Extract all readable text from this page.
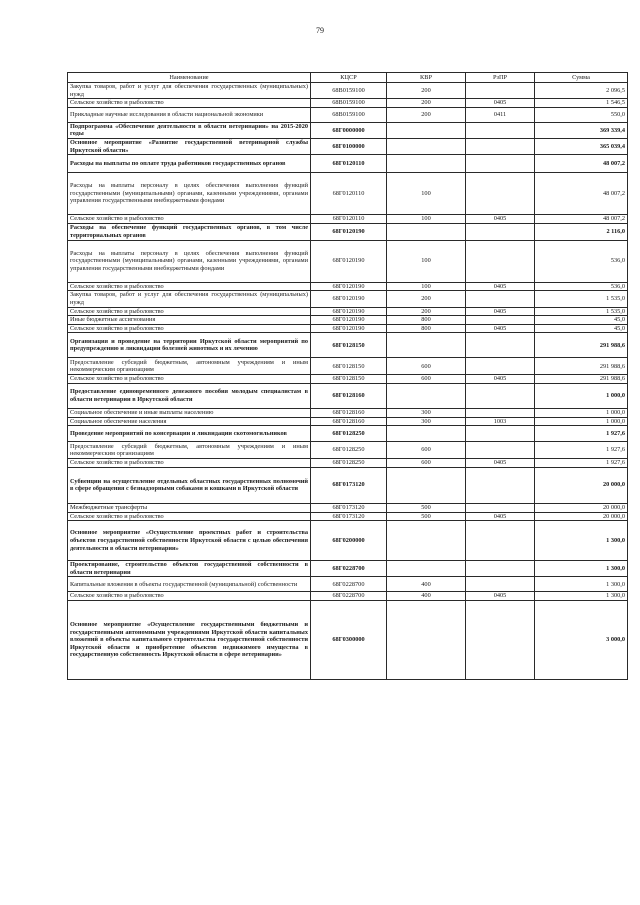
79
Наименование	КЦСР	КВР	РзПР	Сумма
Закупка товаров, работ и услуг для обеспечения государственных (муниципальных) нужд	68В0159100	200		2 096,5
Сельское хозяйство и рыболовство	68В0159100	200	0405	1 546,5
Прикладные научные исследования в области национальной экономики	68В0159100	200	0411	550,0
Подпрограмма «Обеспечение деятельности в области ветеринарии» на 2015-2020 годы	68Г0000000			369 339,4
Основное мероприятие «Развитие государственной ветеринарной службы Иркутской области»	68Г0100000			365 039,4
Расходы на выплаты по оплате труда работников государственных органов	68Г0120110			48 007,2
Расходы на выплаты персоналу в целях обеспечения выполнения функций государственными (муниципальными) органами, казенными учреждениями, органами управления государственными внебюджетными фондами	68Г0120110	100		48 007,2
Сельское хозяйство и рыболовство	68Г0120110	100	0405	48 007,2
Расходы на обеспечение функций государственных органов, в том числе территориальных органов	68Г0120190			2 116,0
Расходы на выплаты персоналу в целях обеспечения выполнения функций государственными (муниципальными) органами, казенными учреждениями, органами управления государственными внебюджетными фондами	68Г0120190	100		536,0
Сельское хозяйство и рыболовство	68Г0120190	100	0405	536,0
Закупка товаров, работ и услуг для обеспечения государственных (муниципальных) нужд	68Г0120190	200		1 535,0
Сельское хозяйство и рыболовство	68Г0120190	200	0405	1 535,0
Иные бюджетные ассигнования	68Г0120190	800		45,0
Сельское хозяйство и рыболовство	68Г0120190	800	0405	45,0
Организация и проведение на территории Иркутской области мероприятий по предупреждению и ликвидации болезней животных и их лечению	68Г0128150			291 988,6
Предоставление субсидий бюджетным, автономным учреждениям и иным некоммерческим организациям	68Г0128150	600		291 988,6
Сельское хозяйство и рыболовство	68Г0128150	600	0405	291 988,6
Предоставление единовременного денежного пособия молодым специалистам в области ветеринарии в Иркутской области	68Г0128160			1 000,0
Социальное обеспечение и иные выплаты населению	68Г0128160	300		1 000,0
Социальное обеспечение населения	68Г0128160	300	1003	1 000,0
Проведение мероприятий по консервации и ликвидации скотомогильников	68Г0128250			1 927,6
Предоставление субсидий бюджетным, автономным учреждениям и иным некоммерческим организациям	68Г0128250	600		1 927,6
Сельское хозяйство и рыболовство	68Г0128250	600	0405	1 927,6
Субвенции на осуществление отдельных областных государственных полномочий в сфере обращения с безнадзорными собаками и кошками в Иркутской области	68Г0173120			20 000,0
Межбюджетные трансферты	68Г0173120	500		20 000,0
Сельское хозяйство и рыболовство	68Г0173120	500	0405	20 000,0
Основное мероприятие «Осуществление проектных работ и строительства объектов государственной собственности Иркутской области с целью обеспечения деятельности в области ветеринарии»	68Г0200000			1 300,0
Проектирование, строительство объектов государственной собственности в области ветеринарии	68Г0228700			1 300,0
Капитальные вложения в объекты государственной (муниципальной) собственности	68Г0228700	400		1 300,0
Сельское хозяйство и рыболовство	68Г0228700	400	0405	1 300,0
Основное мероприятие «Осуществление государственными бюджетными и государственными автономными учреждениями Иркутской области капитальных вложений в объекты капитального строительства государственной собственности Иркутской области и приобретение объектов недвижимого имущества в государственную собственность Иркутской области в сфере ветеринарии»	68Г0300000			3 000,0
